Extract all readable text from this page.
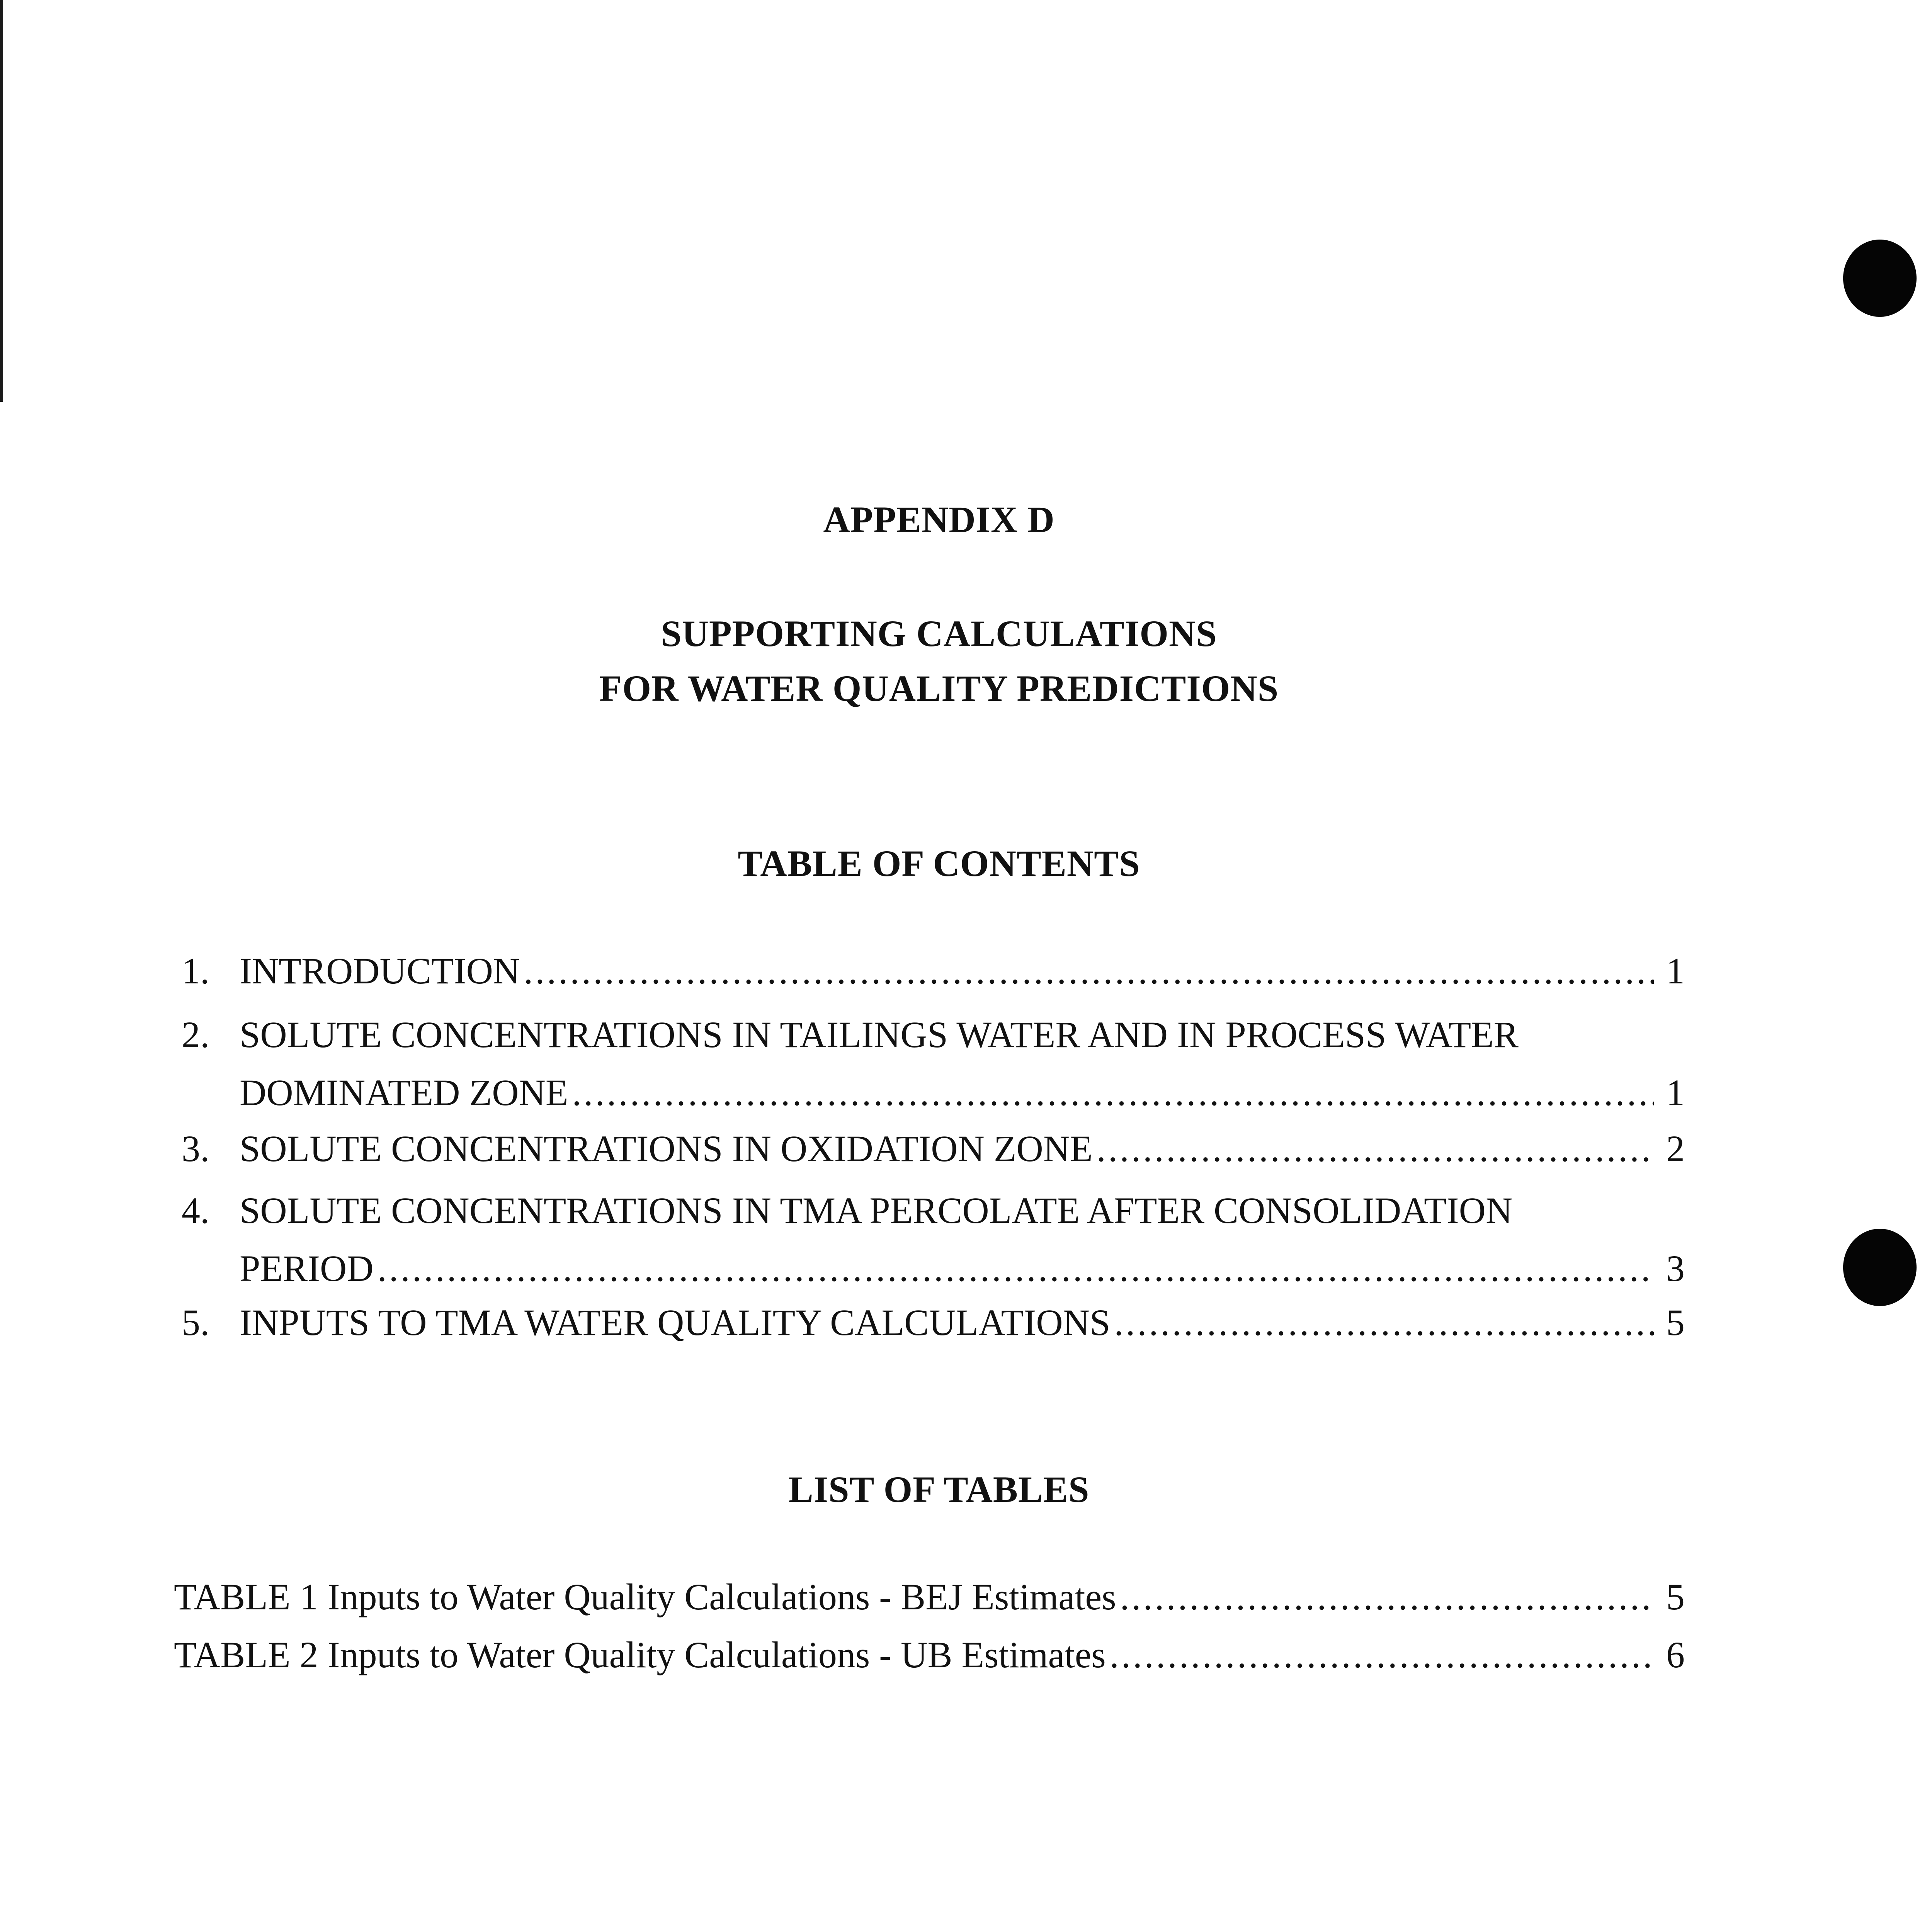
APPENDIX D
SUPPORTING CALCULATIONS
FOR WATER QUALITY PREDICTIONS
TABLE OF CONTENTS
1. INTRODUCTION .....	1
2. SOLUTE CONCENTRATIONS IN TAILINGS WATER AND IN PROCESS WATER
DOMINATED ZONE .....	1
3. SOLUTE CONCENTRATIONS IN OXIDATION ZONE .....	2
4. SOLUTE CONCENTRATIONS IN TMA PERCOLATE AFTER CONSOLIDATION
PERIOD .....	3
5. INPUTS TO TMA WATER QUALITY CALCULATIONS .....	5
LIST OF TABLES
TABLE 1 Inputs to Water Quality Calculations - BEJ Estimates .....	5
TABLE 2 Inputs to Water Quality Calculations - UB Estimates .....	6
